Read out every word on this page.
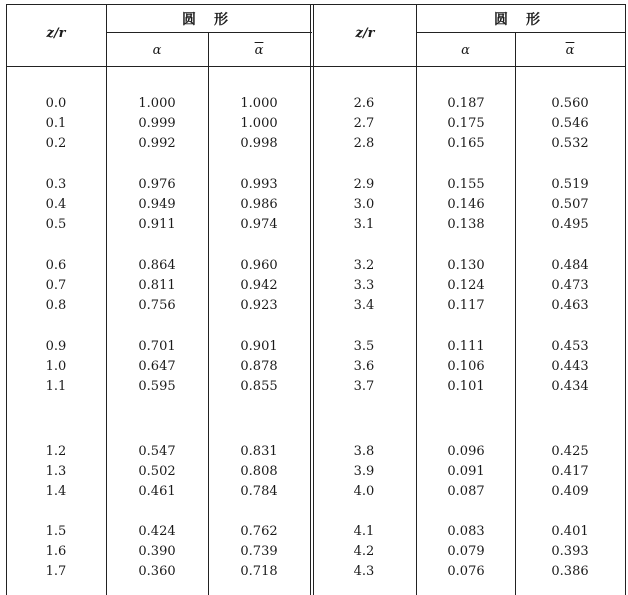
z/r
圆形
α	$\overline{\alpha}$
z/r
圆形
α	$\overline{\alpha}$
0.0	1.000	1.000	2.6	0.187	0.560
0.1	0.999	1.000	2.7	0.175	0.546
0.2	0.992	0.998	2.8	0.165	0.532
0.3	0.976	0.993	2.9	0.155	0.519
0.4	0.949	0.986	3.0	0.146	0.507
0.5	0.911	0.974	3.1	0.138	0.495
0.6	0.864	0.960	3.2	0.130	0.484
0.7	0.811	0.942	3.3	0.124	0.473
0.8	0.756	0.923	3.4	0.117	0.463
0.9	0.701	0.901	3.5	0.111	0.453
1.0	0.647	0.878	3.6	0.106	0.443
1.1	0.595	0.855	3.7	0.101	0.434
1.2	0.547	0.831	3.8	0.096	0.425
1.3	0.502	0.808	3.9	0.091	0.417
1.4	0.461	0.784	4.0	0.087	0.409
1.5	0.424	0.762	4.1	0.083	0.401
1.6	0.390	0.739	4.2	0.079	0.393
1.7	0.360	0.718	4.3	0.076	0.386
